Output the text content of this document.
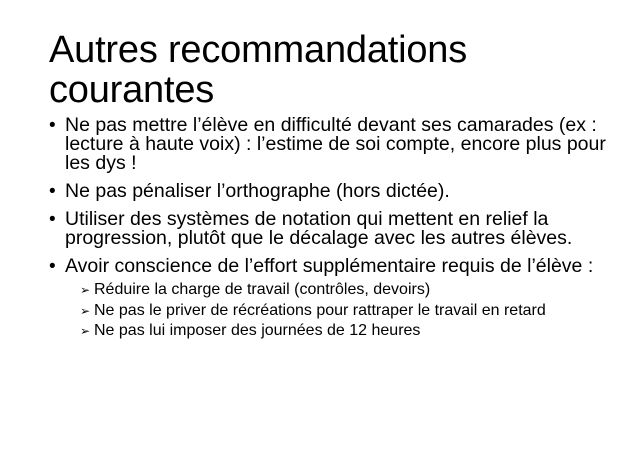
Autres recommandations courantes
• Ne pas mettre l’élève en difficulté devant ses camarades (ex : lecture à haute voix) : l’estime de soi compte, encore plus pour les dys !
• Ne pas pénaliser l’orthographe (hors dictée).
• Utiliser des systèmes de notation qui mettent en relief la progression, plutôt que le décalage avec les autres élèves.
• Avoir conscience de l’effort supplémentaire requis de l’élève :
➢ Réduire la charge de travail (contrôles, devoirs)
➢ Ne pas le priver de récréations pour rattraper le travail en retard
➢ Ne pas lui imposer des journées de 12 heures
